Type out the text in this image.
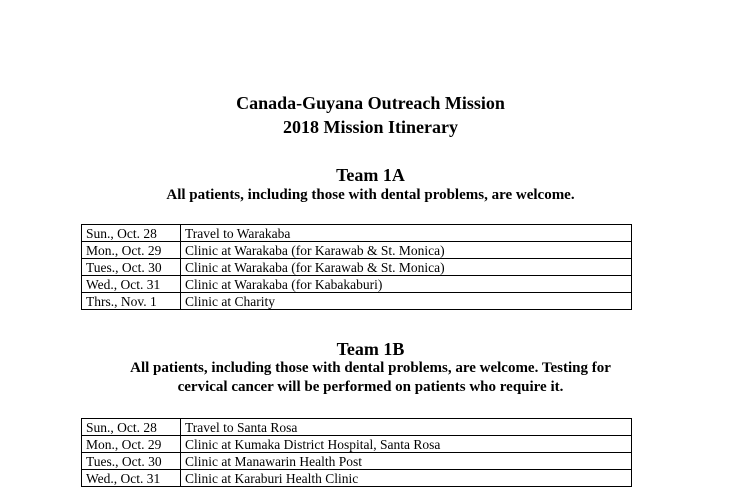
Canada-Guyana Outreach Mission
2018 Mission Itinerary
Team 1A
All patients, including those with dental problems, are welcome.
Sun., Oct. 28	Travel to Warakaba
Mon., Oct. 29	Clinic at Warakaba (for Karawab & St. Monica)
Tues., Oct. 30	Clinic at Warakaba (for Karawab & St. Monica)
Wed., Oct. 31	Clinic at Warakaba (for Kabakaburi)
Thrs., Nov. 1	Clinic at Charity
Team 1B
All patients, including those with dental problems, are welcome. Testing for
cervical cancer will be performed on patients who require it.
Sun., Oct. 28	Travel to Santa Rosa
Mon., Oct. 29	Clinic at Kumaka District Hospital, Santa Rosa
Tues., Oct. 30	Clinic at Manawarin Health Post
Wed., Oct. 31	Clinic at Karaburi Health Clinic
